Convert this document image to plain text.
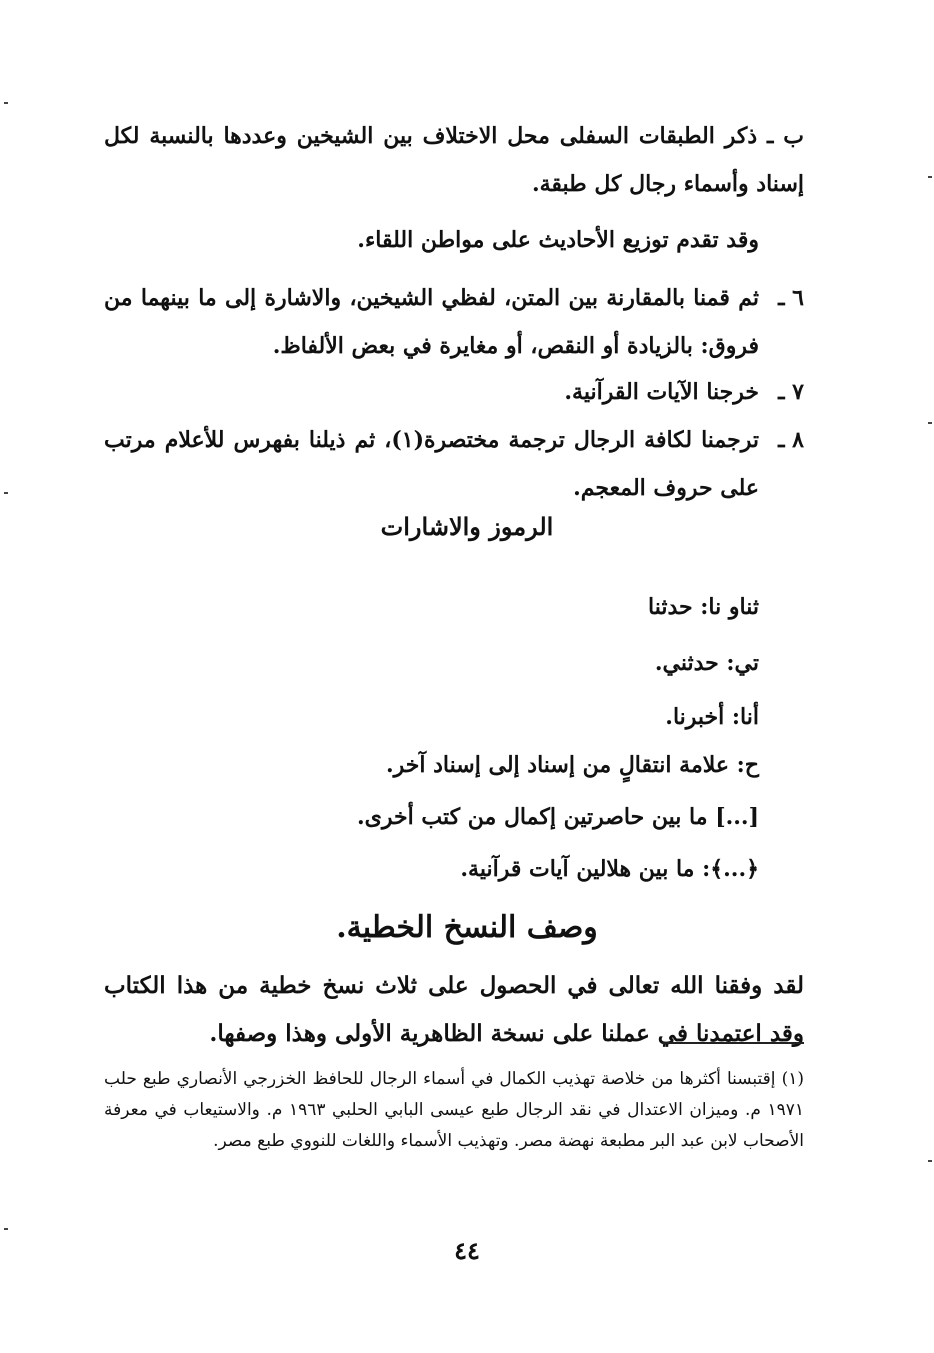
ب ـ ذكر الطبقات السفلى محل الاختلاف بين الشيخين وعددها بالنسبة لكل إسناد وأسماء رجال كل طبقة.
وقد تقدم توزيع الأحاديث على مواطن اللقاء.
٦ ـ
ثم قمنا بالمقارنة بين المتن، لفظي الشيخين، والاشارة إلى ما بينهما من فروق: بالزيادة أو النقص، أو مغايرة في بعض الألفاظ.
٧ ـ
خرجنا الآيات القرآنية.
٨ ـ
ترجمنا لكافة الرجال ترجمة مختصرة(١)، ثم ذيلنا بفهرس للأعلام مرتب على حروف المعجم.
الرموز والاشارات
ثناو نا: حدثنا
تي: حدثني.
أنا: أخبرنا.
ح: علامة انتقالٍ من إسناد إلى إسناد آخر.
[...] ما بين حاصرتين إكمال من كتب أخرى.
﴿...﴾: ما بين هلالين آيات قرآنية.
وصف النسخ الخطية.
لقد وفقنا الله تعالى في الحصول على ثلاث نسخ خطية من هذا الكتاب وقد اعتمدنا في عملنا على نسخة الظاهرية الأولى وهذا وصفها.
(١) إقتبسنا أكثرها من خلاصة تهذيب الكمال في أسماء الرجال للحافظ الخزرجي الأنصاري طبع حلب ١٩٧١ م. وميزان الاعتدال في نقد الرجال طبع عيسى البابي الحلبي ١٩٦٣ م. والاستيعاب في معرفة الأصحاب لابن عبد البر مطبعة نهضة مصر. وتهذيب الأسماء واللغات للنووي طبع مصر.
٤٤
